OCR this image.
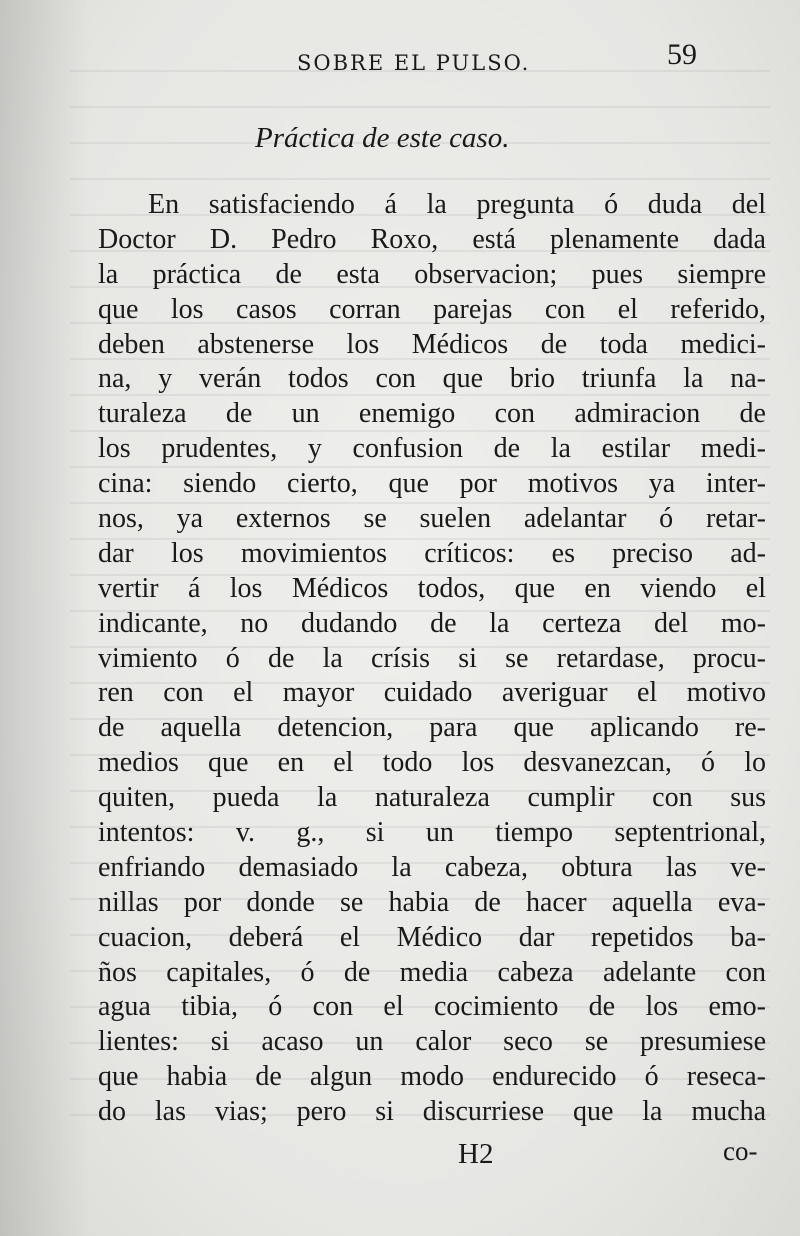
SOBRE EL PULSO.	59
Práctica de este caso.
En satisfaciendo á la pregunta ó duda del
Doctor D. Pedro Roxo, está plenamente dada
la práctica de esta observacion; pues siempre
que los casos corran parejas con el referido,
deben abstenerse los Médicos de toda medici-
na, y verán todos con que brio triunfa la na-
turaleza de un enemigo con admiracion de
los prudentes, y confusion de la estilar medi-
cina: siendo cierto, que por motivos ya inter-
nos, ya externos se suelen adelantar ó retar-
dar los movimientos críticos: es preciso ad-
vertir á los Médicos todos, que en viendo el
indicante, no dudando de la certeza del mo-
vimiento ó de la crísis si se retardase, procu-
ren con el mayor cuidado averiguar el motivo
de aquella detencion, para que aplicando re-
medios que en el todo los desvanezcan, ó lo
quiten, pueda la naturaleza cumplir con sus
intentos: v. g., si un tiempo septentrional,
enfriando demasiado la cabeza, obtura las ve-
nillas por donde se habia de hacer aquella eva-
cuacion, deberá el Médico dar repetidos ba-
ños capitales, ó de media cabeza adelante con
agua tibia, ó con el cocimiento de los emo-
lientes: si acaso un calor seco se presumiese
que habia de algun modo endurecido ó reseca-
do las vias; pero si discurriese que la mucha
H2	co-
